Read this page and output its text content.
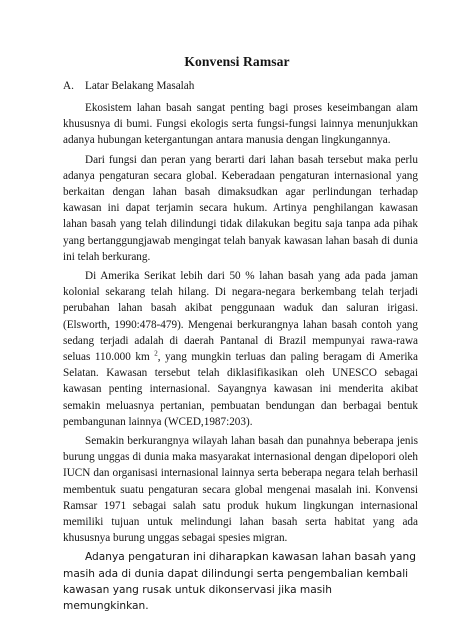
Konvensi Ramsar
A. Latar Belakang Masalah

Ekosistem lahan basah sangat penting bagi proses keseimbangan alam khususnya di bumi. Fungsi ekologis serta fungsi-fungsi lainnya menunjukkan adanya hubungan ketergantungan antara manusia dengan lingkungannya.

Dari fungsi dan peran yang berarti dari lahan basah tersebut maka perlu adanya pengaturan secara global. Keberadaan pengaturan internasional yang berkaitan dengan lahan basah dimaksudkan agar perlindungan terhadap kawasan ini dapat terjamin secara hukum. Artinya penghilangan kawasan lahan basah yang telah dilindungi tidak dilakukan begitu saja tanpa ada pihak yang bertanggungjawab mengingat telah banyak kawasan lahan basah di dunia ini telah berkurang.

Di Amerika Serikat lebih dari 50 % lahan basah yang ada pada jaman kolonial sekarang telah hilang. Di negara-negara berkembang telah terjadi perubahan lahan basah akibat penggunaan waduk dan saluran irigasi. (Elsworth, 1990:478-479). Mengenai berkurangnya lahan basah contoh yang sedang terjadi adalah di daerah Pantanal di Brazil mempunyai rawa-rawa seluas 110.000 km $^2$, yang mungkin terluas dan paling beragam di Amerika Selatan. Kawasan tersebut telah diklasifikasikan oleh UNESCO sebagai kawasan penting internasional. Sayangnya kawasan ini menderita akibat semakin meluasnya pertanian, pembuatan bendungan dan berbagai bentuk pembangunan lainnya (WCED,1987:203).

Semakin berkurangnya wilayah lahan basah dan punahnya beberapa jenis burung unggas di dunia maka masyarakat internasional dengan dipelopori oleh IUCN dan organisasi internasional lainnya serta beberapa negara telah berhasil membentuk suatu pengaturan secara global mengenai masalah ini. Konvensi Ramsar 1971 sebagai salah satu produk hukum lingkungan internasional memiliki tujuan untuk melindungi lahan basah serta habitat yang ada khususnya burung unggas sebagai spesies migran.

Adanya pengaturan ini diharapkan kawasan lahan basah yang masih ada di dunia dapat dilindungi serta pengembalian kembali kawasan yang rusak untuk dikonservasi jika masih memungkinkan.
